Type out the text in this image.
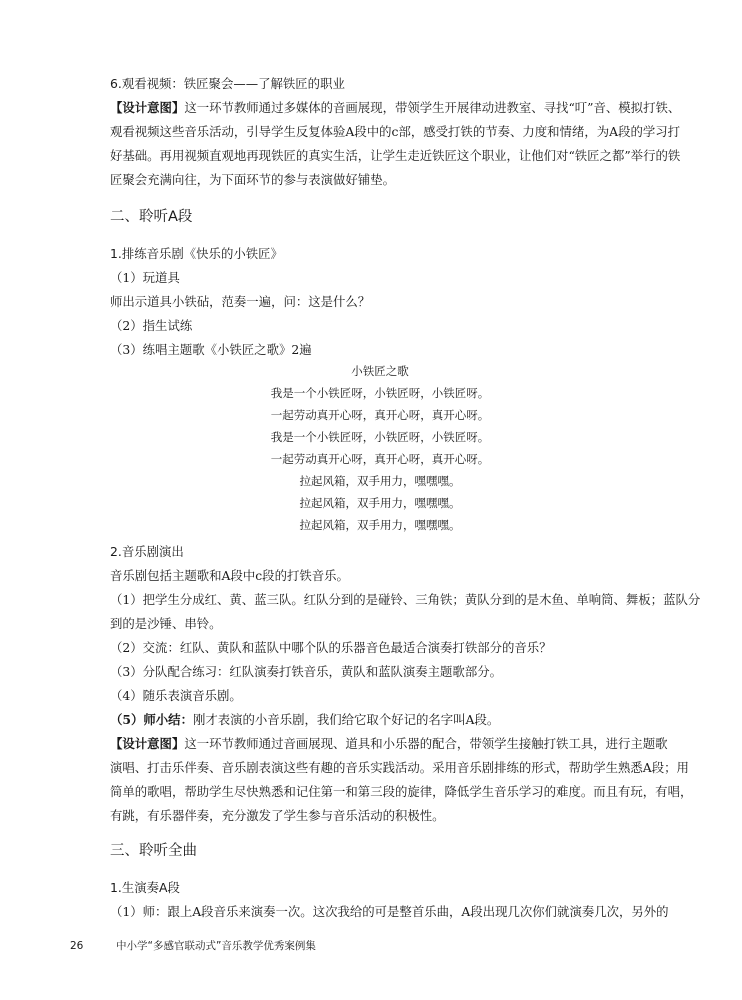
6.观看视频：铁匠聚会——了解铁匠的职业
【设计意图】这一环节教师通过多媒体的音画展现，带领学生开展律动进教室、寻找“叮”音、模拟打铁、
观看视频这些音乐活动，引导学生反复体验A段中的c部，感受打铁的节奏、力度和情绪，为A段的学习打
好基础。再用视频直观地再现铁匠的真实生活，让学生走近铁匠这个职业，让他们对“铁匠之都”举行的铁
匠聚会充满向往，为下面环节的参与表演做好铺垫。
二、聆听A段
1.排练音乐剧《快乐的小铁匠》
（1）玩道具
师出示道具小铁砧，范奏一遍，问：这是什么？
（2）指生试练
（3）练唱主题歌《小铁匠之歌》2遍
小铁匠之歌
我是一个小铁匠呀，小铁匠呀，小铁匠呀。
一起劳动真开心呀，真开心呀，真开心呀。
我是一个小铁匠呀，小铁匠呀，小铁匠呀。
一起劳动真开心呀，真开心呀，真开心呀。
拉起风箱，双手用力，嘿嘿嘿。
拉起风箱，双手用力，嘿嘿嘿。
拉起风箱，双手用力，嘿嘿嘿。
2.音乐剧演出
音乐剧包括主题歌和A段中c段的打铁音乐。
（1）把学生分成红、黄、蓝三队。红队分到的是碰铃、三角铁；黄队分到的是木鱼、单响筒、舞板；蓝队分
到的是沙锤、串铃。
（2）交流：红队、黄队和蓝队中哪个队的乐器音色最适合演奏打铁部分的音乐？
（3）分队配合练习：红队演奏打铁音乐，黄队和蓝队演奏主题歌部分。
（4）随乐表演音乐剧。
（5）师小结：刚才表演的小音乐剧，我们给它取个好记的名字叫A段。
【设计意图】这一环节教师通过音画展现、道具和小乐器的配合，带领学生接触打铁工具，进行主题歌
演唱、打击乐伴奏、音乐剧表演这些有趣的音乐实践活动。采用音乐剧排练的形式，帮助学生熟悉A段；用
简单的歌唱，帮助学生尽快熟悉和记住第一和第三段的旋律，降低学生音乐学习的难度。而且有玩，有唱，
有跳，有乐器伴奏，充分激发了学生参与音乐活动的积极性。
三、聆听全曲
1.生演奏A段
（1）师：跟上A段音乐来演奏一次。这次我给的可是整首乐曲，A段出现几次你们就演奏几次，另外的
26	中小学“多感官联动式”音乐教学优秀案例集
